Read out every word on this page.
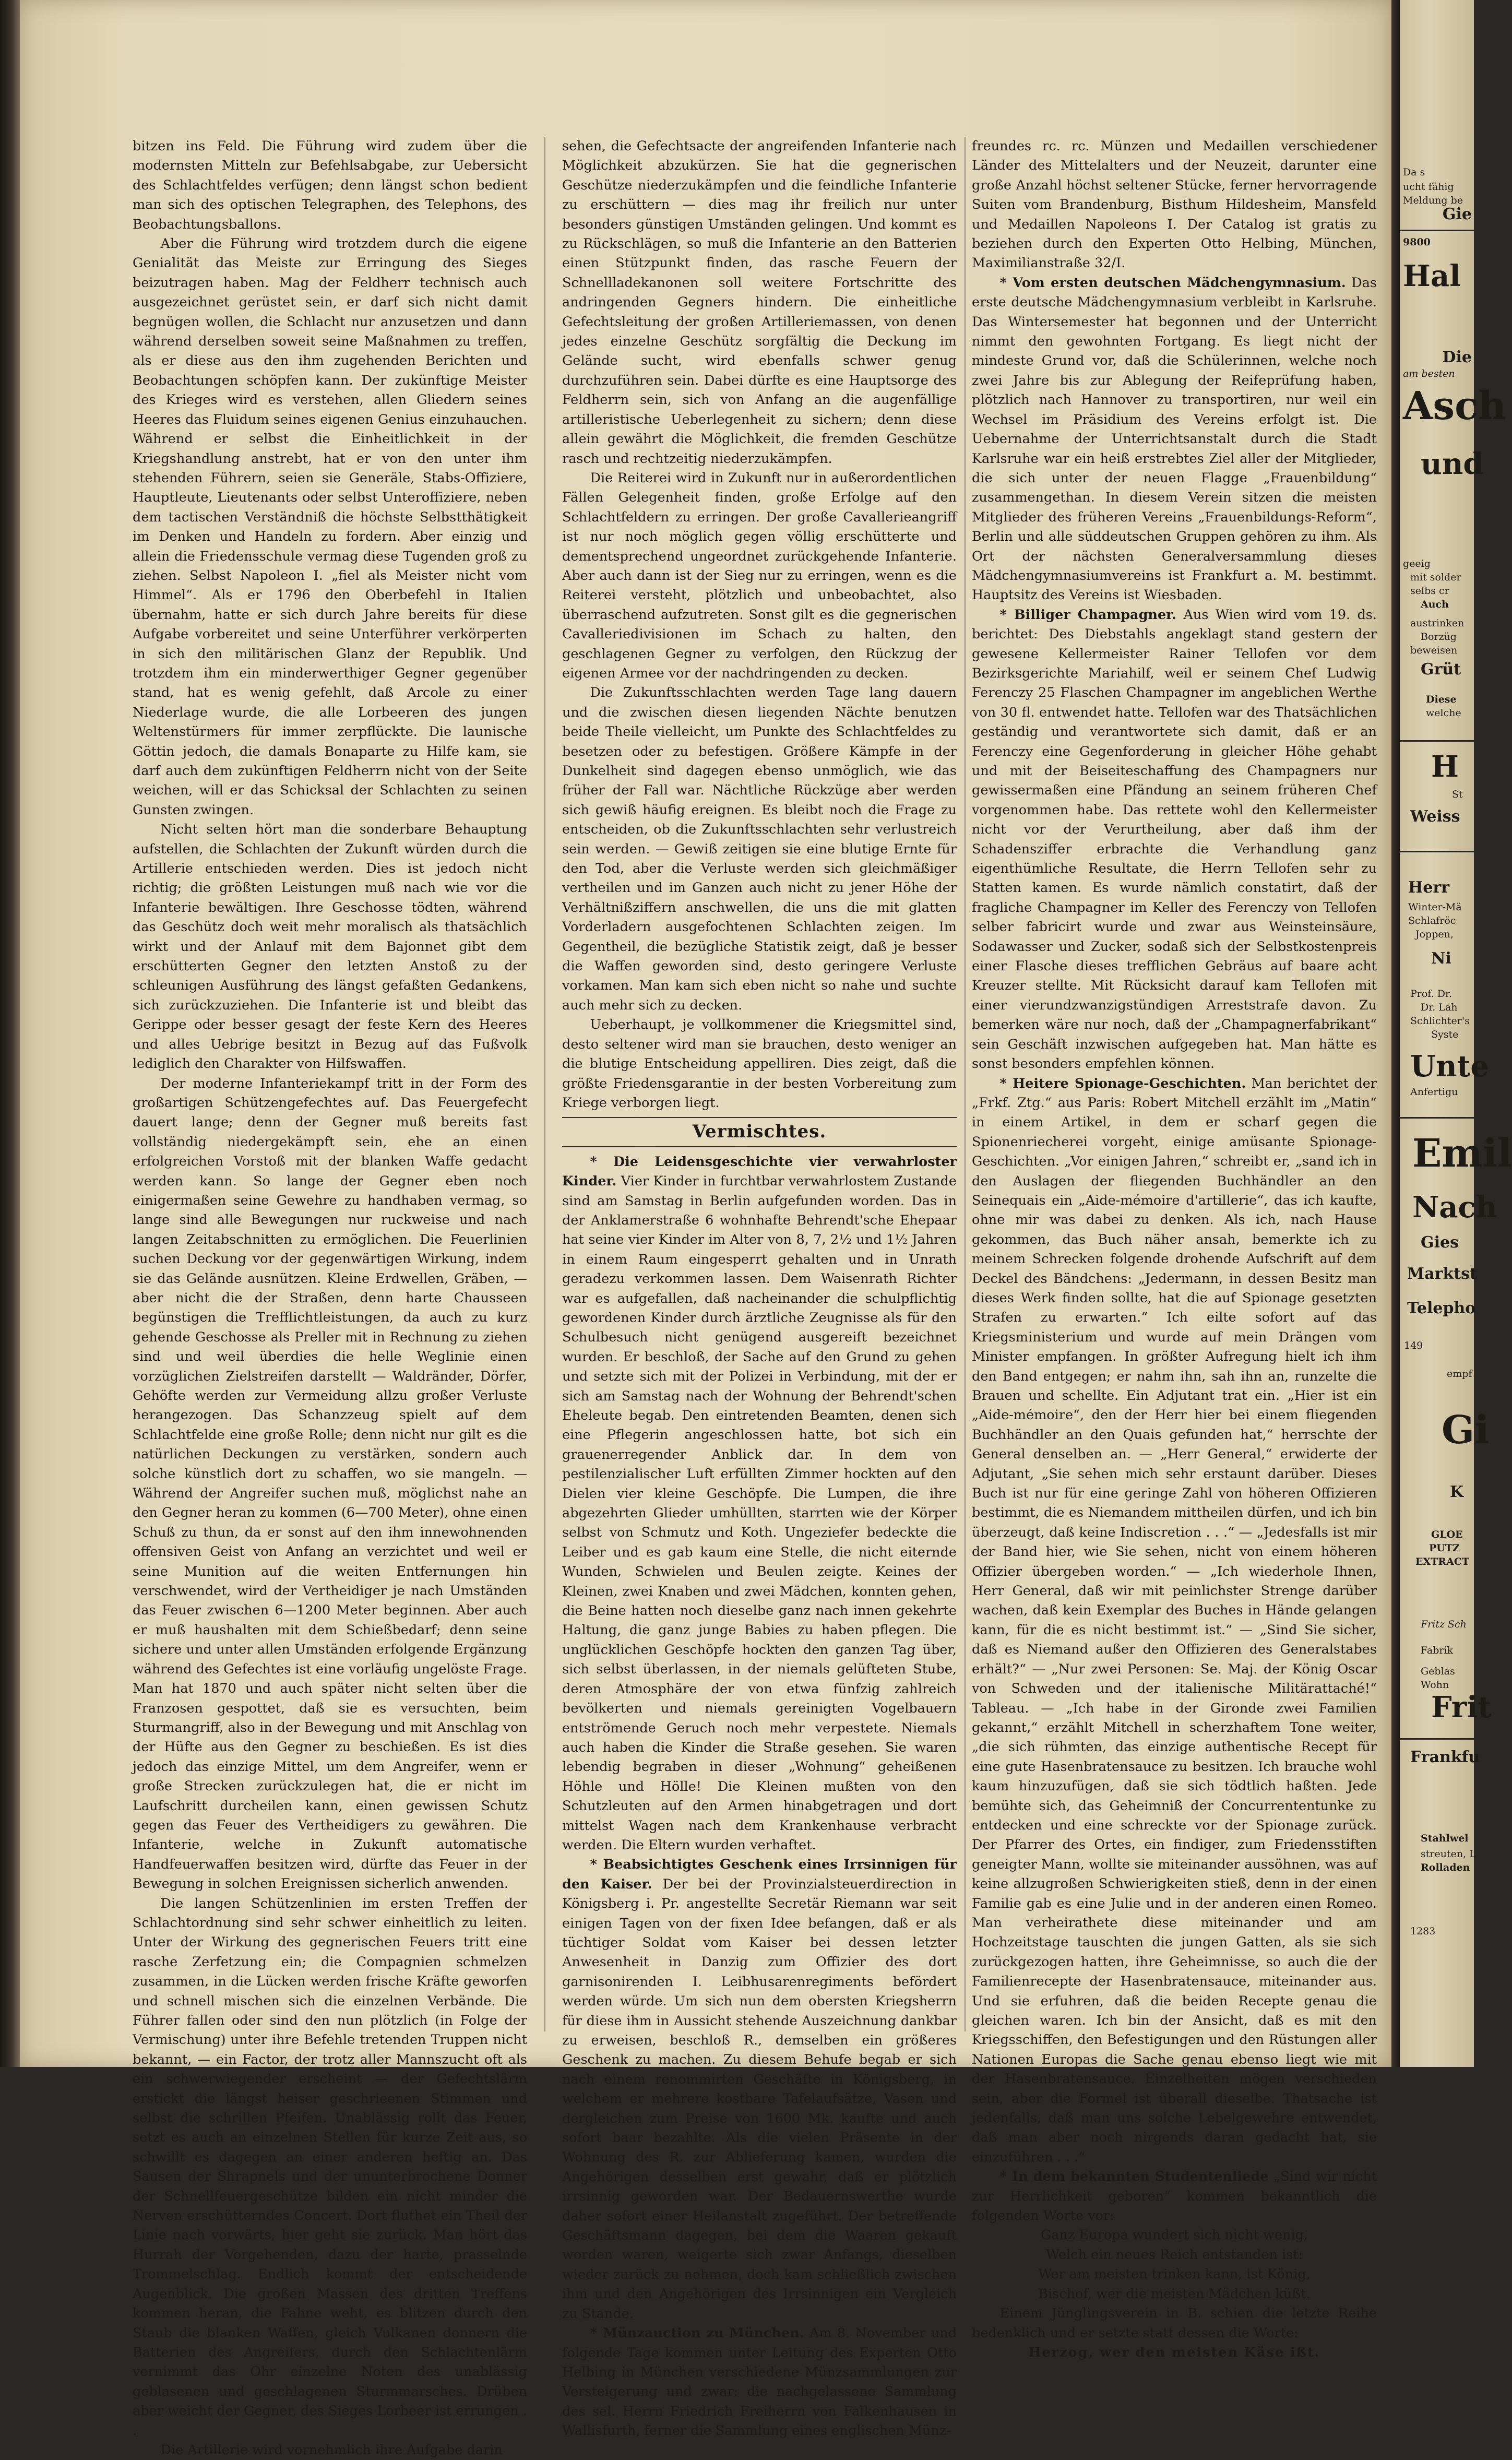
bitzen ins Feld. Die Führung wird zudem über die modernsten Mitteln zur Befehlsabgabe, zur Uebersicht des Schlachtfeldes verfügen; denn längst schon bedient man sich des optischen Telegraphen, des Telephons, des Beobachtungsballons.

Aber die Führung wird trotzdem durch die eigene Genialität das Meiste zur Erringung des Sieges beizutragen haben. Mag der Feldherr technisch auch ausgezeichnet gerüstet sein, er darf sich nicht damit begnügen wollen, die Schlacht nur anzusetzen und dann während derselben soweit seine Maßnahmen zu treffen, als er diese aus den ihm zugehenden Berichten und Beobachtungen schöpfen kann. Der zukünftige Meister des Krieges wird es verstehen, allen Gliedern seines Heeres das Fluidum seines eigenen Genius einzuhauchen. Während er selbst die Einheitlichkeit in der Kriegshandlung anstrebt, hat er von den unter ihm stehenden Führern, seien sie Generäle, Stabs-Offiziere, Hauptleute, Lieutenants oder selbst Unteroffiziere, neben dem tactischen Verständniß die höchste Selbstthätigkeit im Denken und Handeln zu fordern. Aber einzig und allein die Friedensschule vermag diese Tugenden groß zu ziehen. Selbst Napoleon I. „fiel als Meister nicht vom Himmel“. Als er 1796 den Oberbefehl in Italien übernahm, hatte er sich durch Jahre bereits für diese Aufgabe vorbereitet und seine Unterführer verkörperten in sich den militärischen Glanz der Republik. Und trotzdem ihm ein minderwerthiger Gegner gegenüber stand, hat es wenig gefehlt, daß Arcole zu einer Niederlage wurde, die alle Lorbeeren des jungen Weltenstürmers für immer zerpflückte. Die launische Göttin jedoch, die damals Bonaparte zu Hilfe kam, sie darf auch dem zukünftigen Feldherrn nicht von der Seite weichen, will er das Schicksal der Schlachten zu seinen Gunsten zwingen.

Nicht selten hört man die sonderbare Behauptung aufstellen, die Schlachten der Zukunft würden durch die Artillerie entschieden werden. Dies ist jedoch nicht richtig; die größten Leistungen muß nach wie vor die Infanterie bewältigen. Ihre Geschosse tödten, während das Geschütz doch weit mehr moralisch als thatsächlich wirkt und der Anlauf mit dem Bajonnet gibt dem erschütterten Gegner den letzten Anstoß zu der schleunigen Ausführung des längst gefaßten Gedankens, sich zurückzuziehen. Die Infanterie ist und bleibt das Gerippe oder besser gesagt der feste Kern des Heeres und alles Uebrige besitzt in Bezug auf das Fußvolk lediglich den Charakter von Hilfswaffen.

Der moderne Infanteriekampf tritt in der Form des großartigen Schützengefechtes auf. Das Feuergefecht dauert lange; denn der Gegner muß bereits fast vollständig niedergekämpft sein, ehe an einen erfolgreichen Vorstoß mit der blanken Waffe gedacht werden kann. So lange der Gegner eben noch einigermaßen seine Gewehre zu handhaben vermag, so lange sind alle Bewegungen nur ruckweise und nach langen Zeitabschnitten zu ermöglichen. Die Feuerlinien suchen Deckung vor der gegenwärtigen Wirkung, indem sie das Gelände ausnützen. Kleine Erdwellen, Gräben, — aber nicht die der Straßen, denn harte Chausseen begünstigen die Trefflichtleistungen, da auch zu kurz gehende Geschosse als Preller mit in Rechnung zu ziehen sind und weil überdies die helle Weglinie einen vorzüglichen Zielstreifen darstellt — Waldränder, Dörfer, Gehöfte werden zur Vermeidung allzu großer Verluste herangezogen. Das Schanzzeug spielt auf dem Schlachtfelde eine große Rolle; denn nicht nur gilt es die natürlichen Deckungen zu verstärken, sondern auch solche künstlich dort zu schaffen, wo sie mangeln. — Während der Angreifer suchen muß, möglichst nahe an den Gegner heran zu kommen (6—700 Meter), ohne einen Schuß zu thun, da er sonst auf den ihm innewohnenden offensiven Geist von Anfang an verzichtet und weil er seine Munition auf die weiten Entfernungen hin verschwendet, wird der Vertheidiger je nach Umständen das Feuer zwischen 6—1200 Meter beginnen. Aber auch er muß haushalten mit dem Schießbedarf; denn seine sichere und unter allen Umständen erfolgende Ergänzung während des Gefechtes ist eine vorläufig ungelöste Frage. Man hat 1870 und auch später nicht selten über die Franzosen gespottet, daß sie es versuchten, beim Sturmangriff, also in der Bewegung und mit Anschlag von der Hüfte aus den Gegner zu beschießen. Es ist dies jedoch das einzige Mittel, um dem Angreifer, wenn er große Strecken zurückzulegen hat, die er nicht im Laufschritt durcheilen kann, einen gewissen Schutz gegen das Feuer des Vertheidigers zu gewähren. Die Infanterie, welche in Zukunft automatische Handfeuerwaffen besitzen wird, dürfte das Feuer in der Bewegung in solchen Ereignissen sicherlich anwenden.

Die langen Schützenlinien im ersten Treffen der Schlachtordnung sind sehr schwer einheitlich zu leiten. Unter der Wirkung des gegnerischen Feuers tritt eine rasche Zerfetzung ein; die Compagnien schmelzen zusammen, in die Lücken werden frische Kräfte geworfen und schnell mischen sich die einzelnen Verbände. Die Führer fallen oder sind den nun plötzlich (in Folge der Vermischung) unter ihre Befehle tretenden Truppen nicht bekannt, — ein Factor, der trotz aller Mannszucht oft als ein schwerwiegender erscheint — der Gefechtslärm erstickt die längst heiser geschrieenen Stimmen und selbst die schrillen Pfeifen. Unablässig rollt das Feuer, setzt es auch an einzelnen Stellen für kurze Zeit aus, so schwillt es dagegen an einer anderen heftig an. Das Sausen der Shrapnels und der ununterbrochene Donner der Schnellfeuergeschütze bilden ein nicht minder die Nerven erschütterndes Concert. Dort fluthet ein Theil der Linie nach vorwärts, hier geht sie zurück. Man hört das Hurrah der Vorgehenden, dazu der harte, prasselnde Trommelschlag. Endlich kommt der entscheidende Augenblick. Die großen Massen des dritten Treffens kommen heran, die Fahne weht, es blitzen durch den Staub die blanken Waffen, gleich Vulkanen donnern die Batterien des Angreifers, durch den Schlachtenlärm vernimmt das Ohr einzelne Noten des unablässig geblasenen und geschlagenen Sturmmarsches. Drüben aber weicht der Gegner, des Sieges Lorbeer ist errungen . .

Die Artillerie wird vornehmlich ihre Aufgabe darin

sehen, die Gefechtsacte der angreifenden Infanterie nach Möglichkeit abzukürzen. Sie hat die gegnerischen Geschütze niederzukämpfen und die feindliche Infanterie zu erschüttern — dies mag ihr freilich nur unter besonders günstigen Umständen gelingen. Und kommt es zu Rückschlägen, so muß die Infanterie an den Batterien einen Stützpunkt finden, das rasche Feuern der Schnellladekanonen soll weitere Fortschritte des andringenden Gegners hindern. Die einheitliche Gefechtsleitung der großen Artilleriemassen, von denen jedes einzelne Geschütz sorgfältig die Deckung im Gelände sucht, wird ebenfalls schwer genug durchzuführen sein. Dabei dürfte es eine Hauptsorge des Feldherrn sein, sich von Anfang an die augenfällige artilleristische Ueberlegenheit zu sichern; denn diese allein gewährt die Möglichkeit, die fremden Geschütze rasch und rechtzeitig niederzukämpfen.

Die Reiterei wird in Zukunft nur in außerordentlichen Fällen Gelegenheit finden, große Erfolge auf den Schlachtfeldern zu erringen. Der große Cavallerieangriff ist nur noch möglich gegen völlig erschütterte und dementsprechend ungeordnet zurückgehende Infanterie. Aber auch dann ist der Sieg nur zu erringen, wenn es die Reiterei versteht, plötzlich und unbeobachtet, also überraschend aufzutreten. Sonst gilt es die gegnerischen Cavalleriedivisionen im Schach zu halten, den geschlagenen Gegner zu verfolgen, den Rückzug der eigenen Armee vor der nachdringenden zu decken.

Die Zukunftsschlachten werden Tage lang dauern und die zwischen diesen liegenden Nächte benutzen beide Theile vielleicht, um Punkte des Schlachtfeldes zu besetzen oder zu befestigen. Größere Kämpfe in der Dunkelheit sind dagegen ebenso unmöglich, wie das früher der Fall war. Nächtliche Rückzüge aber werden sich gewiß häufig ereignen. Es bleibt noch die Frage zu entscheiden, ob die Zukunftsschlachten sehr verlustreich sein werden. — Gewiß zeitigen sie eine blutige Ernte für den Tod, aber die Verluste werden sich gleichmäßiger vertheilen und im Ganzen auch nicht zu jener Höhe der Verhältnißziffern anschwellen, die uns die mit glatten Vorderladern ausgefochtenen Schlachten zeigen. Im Gegentheil, die bezügliche Statistik zeigt, daß je besser die Waffen geworden sind, desto geringere Verluste vorkamen. Man kam sich eben nicht so nahe und suchte auch mehr sich zu decken.

Ueberhaupt, je vollkommener die Kriegsmittel sind, desto seltener wird man sie brauchen, desto weniger an die blutige Entscheidung appelliren. Dies zeigt, daß die größte Friedensgarantie in der besten Vorbereitung zum Kriege verborgen liegt.

Vermischtes.

* Die Leidensgeschichte vier verwahrloster Kinder. Vier Kinder in furchtbar verwahrlostem Zustande sind am Samstag in Berlin aufgefunden worden. Das in der Anklamerstraße 6 wohnhafte Behrendt'sche Ehepaar hat seine vier Kinder im Alter von 8, 7, 2½ und 1½ Jahren in einem Raum eingesperrt gehalten und in Unrath geradezu verkommen lassen. Dem Waisenrath Richter war es aufgefallen, daß nacheinander die schulpflichtig gewordenen Kinder durch ärztliche Zeugnisse als für den Schulbesuch nicht genügend ausgereift bezeichnet wurden. Er beschloß, der Sache auf den Grund zu gehen und setzte sich mit der Polizei in Verbindung, mit der er sich am Samstag nach der Wohnung der Behrendt'schen Eheleute begab. Den eintretenden Beamten, denen sich eine Pflegerin angeschlossen hatte, bot sich ein grauenerregender Anblick dar. In dem von pestilenzialischer Luft erfüllten Zimmer hockten auf den Dielen vier kleine Geschöpfe. Die Lumpen, die ihre abgezehrten Glieder umhüllten, starrten wie der Körper selbst von Schmutz und Koth. Ungeziefer bedeckte die Leiber und es gab kaum eine Stelle, die nicht eiternde Wunden, Schwielen und Beulen zeigte. Keines der Kleinen, zwei Knaben und zwei Mädchen, konnten gehen, die Beine hatten noch dieselbe ganz nach innen gekehrte Haltung, die ganz junge Babies zu haben pflegen. Die unglücklichen Geschöpfe hockten den ganzen Tag über, sich selbst überlassen, in der niemals gelüfteten Stube, deren Atmosphäre der von etwa fünfzig zahlreich bevölkerten und niemals gereinigten Vogelbauern entströmende Geruch noch mehr verpestete. Niemals auch haben die Kinder die Straße gesehen. Sie waren lebendig begraben in dieser „Wohnung“ geheißenen Höhle und Hölle! Die Kleinen mußten von den Schutzleuten auf den Armen hinabgetragen und dort mittelst Wagen nach dem Krankenhause verbracht werden. Die Eltern wurden verhaftet.

* Beabsichtigtes Geschenk eines Irrsinnigen für den Kaiser. Der bei der Provinzialsteuerdirection in Königsberg i. Pr. angestellte Secretär Riemann war seit einigen Tagen von der fixen Idee befangen, daß er als tüchtiger Soldat vom Kaiser bei dessen letzter Anwesenheit in Danzig zum Offizier des dort garnisonirenden I. Leibhusarenregiments befördert werden würde. Um sich nun dem obersten Kriegsherrn für diese ihm in Aussicht stehende Auszeichnung dankbar zu erweisen, beschloß R., demselben ein größeres Geschenk zu machen. Zu diesem Behufe begab er sich nach einem renommirten Geschäfte in Königsberg, in welchem er mehrere kostbare Tafelaufsätze, Vasen und dergleichen zum Preise von 1600 Mk. kaufte und auch sofort baar bezahlte. Als die vielen Präsente in der Wohnung des R. zur Ablieferung kamen, wurden die Angehörigen desselben erst gewahr, daß er plötzlich irrsinnig geworden war. Der Bedauernswerthe wurde daher sofort einer Heilanstalt zugeführt. Der betreffende Geschäftsmann dagegen, bei dem die Waaren gekauft worden waren, weigerte sich zwar Anfangs, dieselben wieder zurück zu nehmen, doch kam schließlich zwischen ihm und den Angehörigen des Irrsinnigen ein Vergleich zu Stande.

* Münzauction zu München. Am 8. November und folgende Tage kommen unter Leitung des Experten Otto Helbing in München verschiedene Münzsammlungen zur Versteigerung und zwar: die nachgelassene Sammlung des sel. Herrn Friedrich Freiherrn von Falkenhausen in Wallisfurth, ferner die Sammlung eines englischen Münz-

freundes rc. rc. Münzen und Medaillen verschiedener Länder des Mittelalters und der Neuzeit, darunter eine große Anzahl höchst seltener Stücke, ferner hervorragende Suiten vom Brandenburg, Bisthum Hildesheim, Mansfeld und Medaillen Napoleons I. Der Catalog ist gratis zu beziehen durch den Experten Otto Helbing, München, Maximilianstraße 32/I.

* Vom ersten deutschen Mädchengymnasium. Das erste deutsche Mädchengymnasium verbleibt in Karlsruhe. Das Wintersemester hat begonnen und der Unterricht nimmt den gewohnten Fortgang. Es liegt nicht der mindeste Grund vor, daß die Schülerinnen, welche noch zwei Jahre bis zur Ablegung der Reifeprüfung haben, plötzlich nach Hannover zu transportiren, nur weil ein Wechsel im Präsidium des Vereins erfolgt ist. Die Uebernahme der Unterrichtsanstalt durch die Stadt Karlsruhe war ein heiß erstrebtes Ziel aller der Mitglieder, die sich unter der neuen Flagge „Frauenbildung“ zusammengethan. In diesem Verein sitzen die meisten Mitglieder des früheren Vereins „Frauenbildungs-Reform“, Berlin und alle süddeutschen Gruppen gehören zu ihm. Als Ort der nächsten Generalversammlung dieses Mädchengymnasiumvereins ist Frankfurt a. M. bestimmt. Hauptsitz des Vereins ist Wiesbaden.

* Billiger Champagner. Aus Wien wird vom 19. ds. berichtet: Des Diebstahls angeklagt stand gestern der gewesene Kellermeister Rainer Tellofen vor dem Bezirksgerichte Mariahilf, weil er seinem Chef Ludwig Ferenczy 25 Flaschen Champagner im angeblichen Werthe von 30 fl. entwendet hatte. Tellofen war des Thatsächlichen geständig und verantwortete sich damit, daß er an Ferenczy eine Gegenforderung in gleicher Höhe gehabt und mit der Beiseiteschaffung des Champagners nur gewissermaßen eine Pfändung an seinem früheren Chef vorgenommen habe. Das rettete wohl den Kellermeister nicht vor der Verurtheilung, aber daß ihm der Schadensziffer erbrachte die Verhandlung ganz eigenthümliche Resultate, die Herrn Tellofen sehr zu Statten kamen. Es wurde nämlich constatirt, daß der fragliche Champagner im Keller des Ferenczy von Tellofen selber fabricirt wurde und zwar aus Weinsteinsäure, Sodawasser und Zucker, sodaß sich der Selbstkostenpreis einer Flasche dieses trefflichen Gebräus auf baare acht Kreuzer stellte. Mit Rücksicht darauf kam Tellofen mit einer vierundzwanzigstündigen Arreststrafe davon. Zu bemerken wäre nur noch, daß der „Champagnerfabrikant“ sein Geschäft inzwischen aufgegeben hat. Man hätte es sonst besonders empfehlen können.

* Heitere Spionage-Geschichten. Man berichtet der „Frkf. Ztg.“ aus Paris: Robert Mitchell erzählt im „Matin“ in einem Artikel, in dem er scharf gegen die Spionenriecherei vorgeht, einige amüsante Spionage-Geschichten. „Vor einigen Jahren,“ schreibt er, „sand ich in den Auslagen der fliegenden Buchhändler an den Seinequais ein „Aide-mémoire d'artillerie“, das ich kaufte, ohne mir was dabei zu denken. Als ich, nach Hause gekommen, das Buch näher ansah, bemerkte ich zu meinem Schrecken folgende drohende Aufschrift auf dem Deckel des Bändchens: „Jedermann, in dessen Besitz man dieses Werk finden sollte, hat die auf Spionage gesetzten Strafen zu erwarten.“ Ich eilte sofort auf das Kriegsministerium und wurde auf mein Drängen vom Minister empfangen. In größter Aufregung hielt ich ihm den Band entgegen; er nahm ihn, sah ihn an, runzelte die Brauen und schellte. Ein Adjutant trat ein. „Hier ist ein „Aide-mémoire“, den der Herr hier bei einem fliegenden Buchhändler an den Quais gefunden hat,“ herrschte der General denselben an. — „Herr General,“ erwiderte der Adjutant, „Sie sehen mich sehr erstaunt darüber. Dieses Buch ist nur für eine geringe Zahl von höheren Offizieren bestimmt, die es Niemandem mittheilen dürfen, und ich bin überzeugt, daß keine Indiscretion . . .“ — „Jedesfalls ist mir der Band hier, wie Sie sehen, nicht von einem höheren Offizier übergeben worden.“ — „Ich wiederhole Ihnen, Herr General, daß wir mit peinlichster Strenge darüber wachen, daß kein Exemplar des Buches in Hände gelangen kann, für die es nicht bestimmt ist.“ — „Sind Sie sicher, daß es Niemand außer den Offizieren des Generalstabes erhält?“ — „Nur zwei Personen: Se. Maj. der König Oscar von Schweden und der italienische Militärattaché!“ Tableau. — „Ich habe in der Gironde zwei Familien gekannt,“ erzählt Mitchell in scherzhaftem Tone weiter, „die sich rühmten, das einzige authentische Recept für eine gute Hasenbratensauce zu besitzen. Ich brauche wohl kaum hinzuzufügen, daß sie sich tödtlich haßten. Jede bemühte sich, das Geheimniß der Concurrententunke zu entdecken und eine schreckte vor der Spionage zurück. Der Pfarrer des Ortes, ein findiger, zum Friedensstiften geneigter Mann, wollte sie miteinander aussöhnen, was auf keine allzugroßen Schwierigkeiten stieß, denn in der einen Familie gab es eine Julie und in der anderen einen Romeo. Man verheirathete diese miteinander und am Hochzeitstage tauschten die jungen Gatten, als sie sich zurückgezogen hatten, ihre Geheimnisse, so auch die der Familienrecepte der Hasenbratensauce, miteinander aus. Und sie erfuhren, daß die beiden Recepte genau die gleichen waren. Ich bin der Ansicht, daß es mit den Kriegsschiffen, den Befestigungen und den Rüstungen aller Nationen Europas die Sache genau ebenso liegt wie mit der Hasenbratensauce. Einzelheiten mögen verschieden sein, aber die Formel ist überall dieselbe. Thatsache ist jedenfalls, daß man uns solche Lebelgewehre entwendet, daß man aber noch nirgends daran gedacht hat, sie einzuführen . . .“

* In dem bekannten Studentenliede „Sind wir nicht zur Herrlichkeit geboren“ kommen bekanntlich die folgenden Worte vor:

Ganz Europa wundert sich nicht wenig,

Welch ein neues Reich entstanden ist:

Wer am meisten trinken kann, ist König,

Bischof, wer die meisten Mädchen küßt.

Einem Jünglingsverein in B. schien die letzte Reihe bedenklich und er setzte statt dessen die Worte:

Herzog, wer den meisten Käse ißt.

Da s
ucht fähig
Meldung be
Gie
9800
Hal
Die
am besten
Asch
und
geeig
mit solder
selbs cr
Auch
austrinken
Borzüg
beweisen
Grüt
Diese
welche
H
St
Weiss
Herr
Winter-Mä
Schlafröc
Joppen,
Ni
Prof. Dr.
Dr. Lah
Schlichter's
Syste
Unte
Anfertigu
Emil
Nach
Gies
Marktst
Telepho
149
empf
Gi
K
GLOE
PUTZ
EXTRACT
Fritz Sch
Fabrik
Geblas
Wohn
Frit
Frankfu
Stahlwel
streuten, L
Rolladen
1283
